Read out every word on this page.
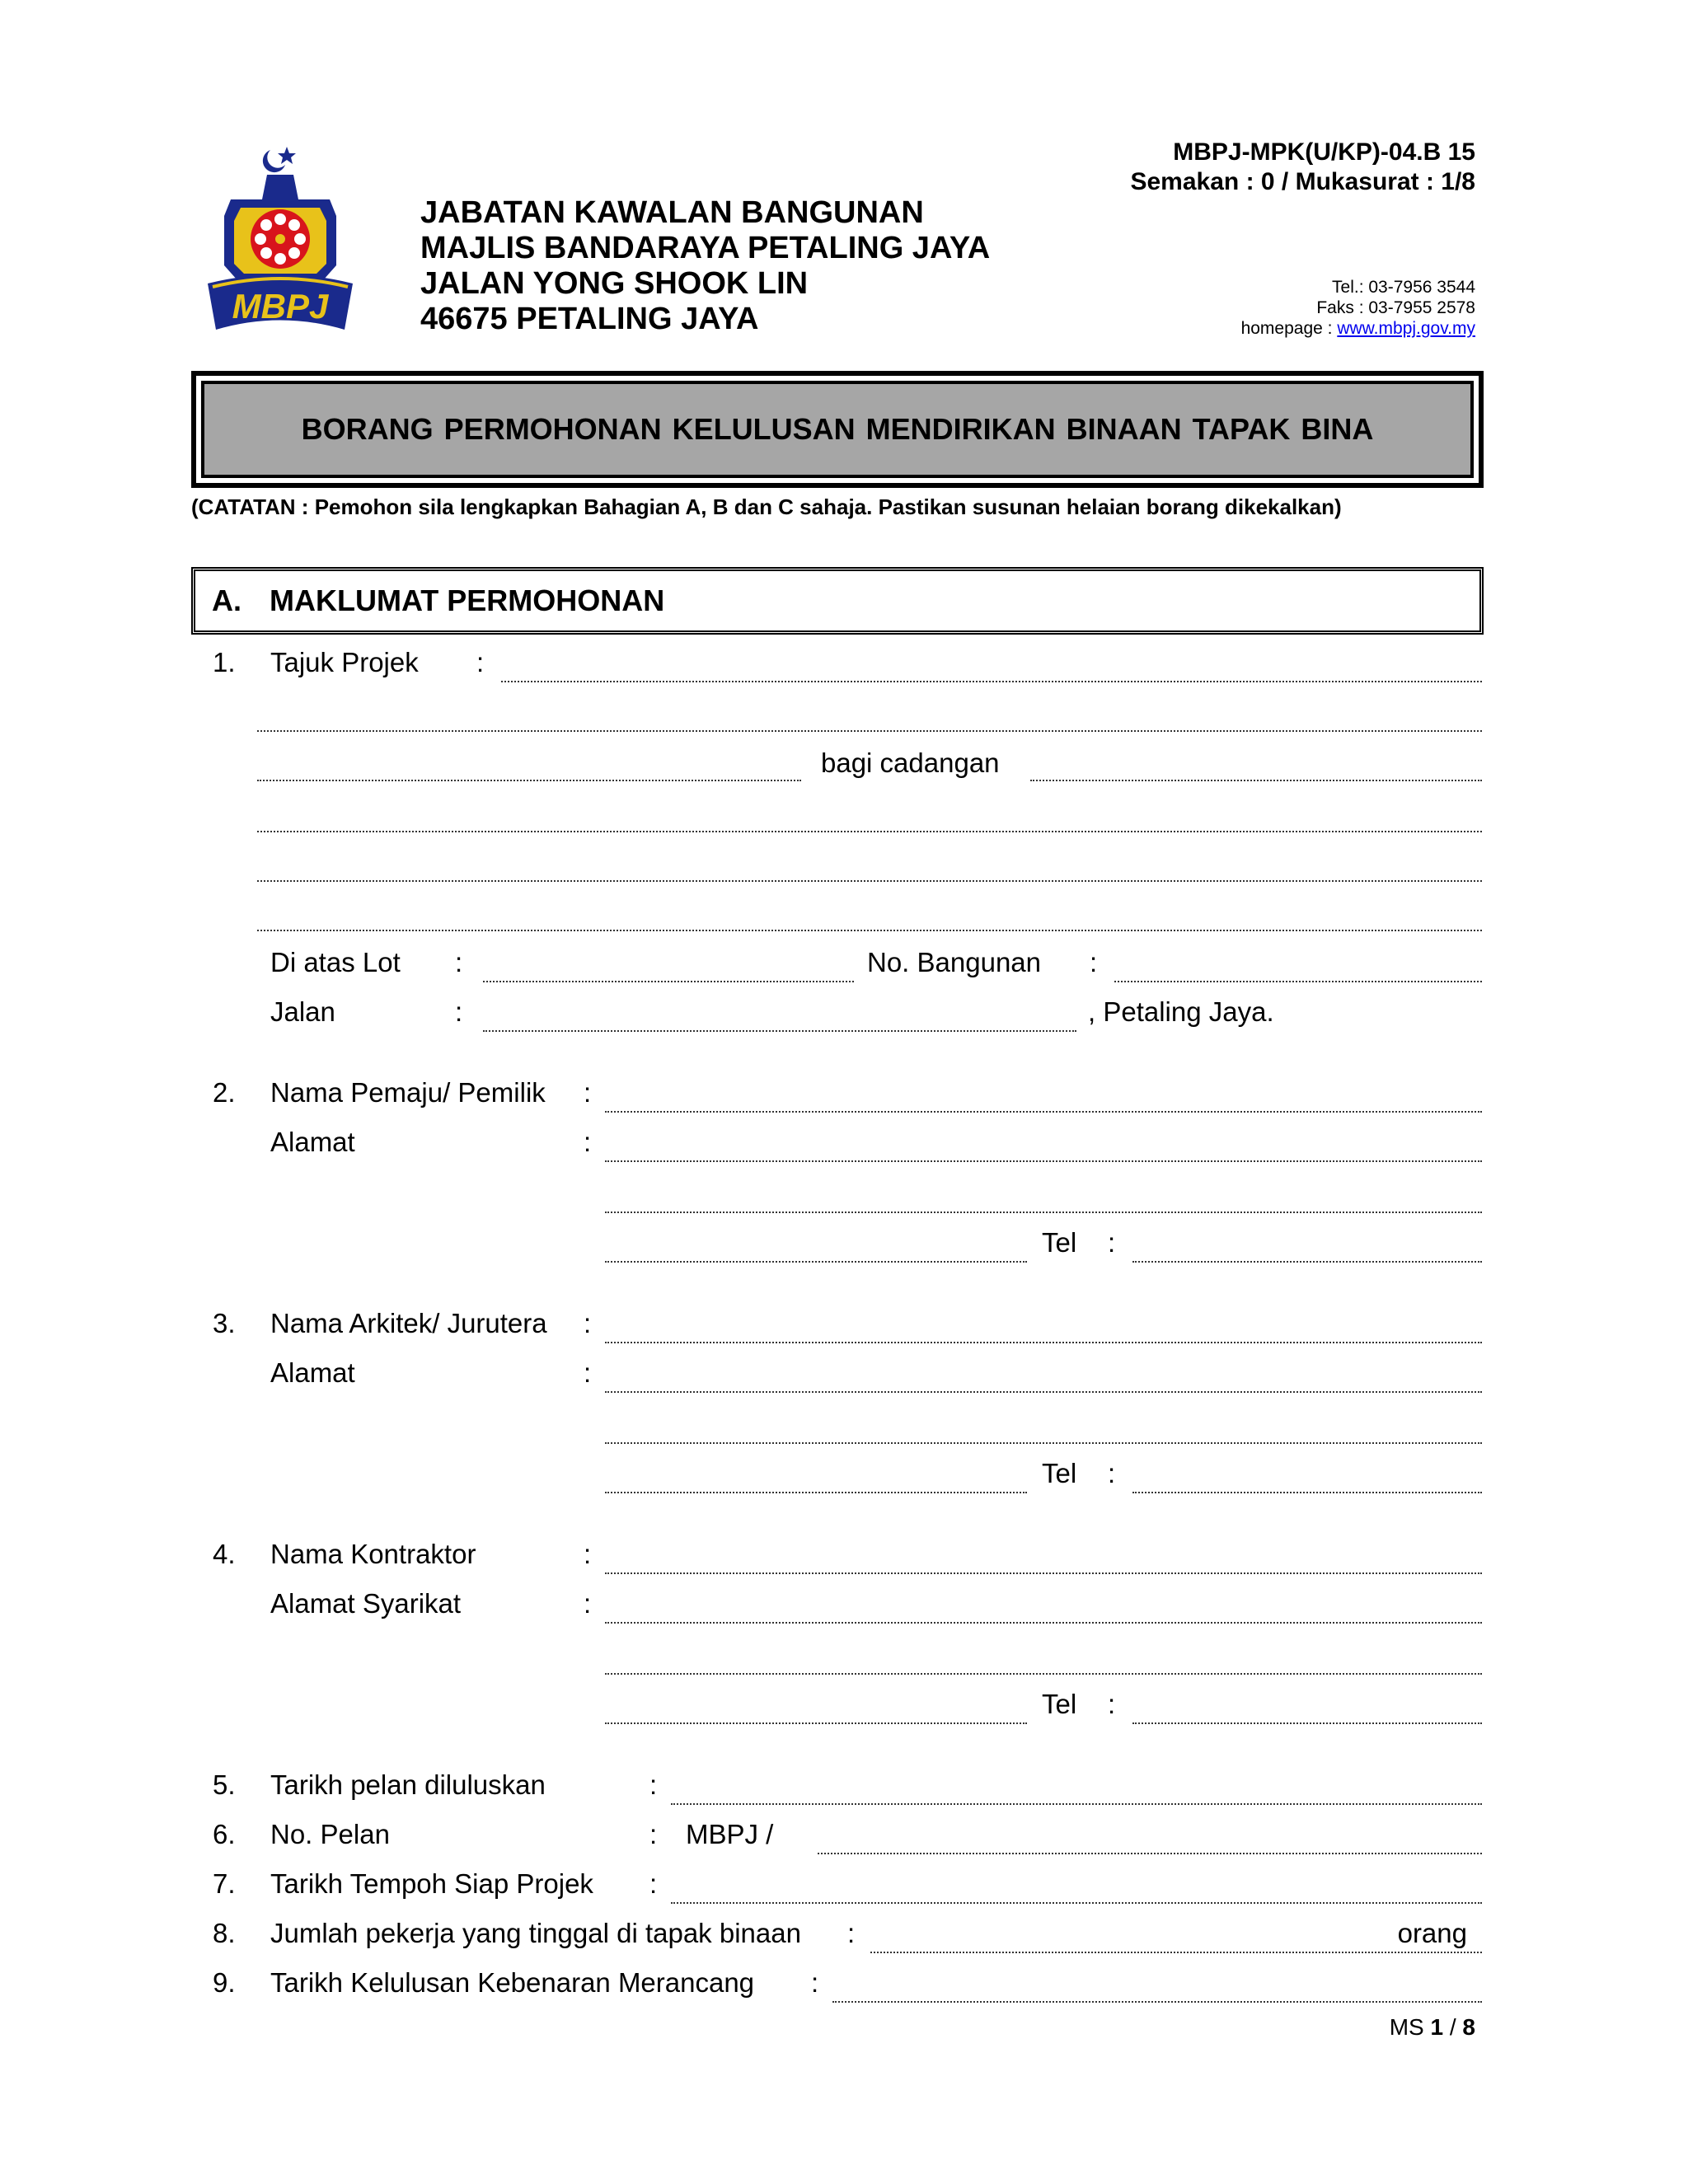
MBPJ
JABATAN KAWALAN BANGUNAN
MAJLIS BANDARAYA PETALING JAYA
JALAN YONG SHOOK LIN
46675 PETALING JAYA
MBPJ-MPK(U/KP)-04.B 15
Semakan : 0 / Mukasurat : 1/8
Tel.: 03-7956 3544
Faks : 03-7955 2578
homepage : www.mbpj.gov.my
BORANG PERMOHONAN KELULUSAN MENDIRIKAN BINAAN TAPAK BINA
(CATATAN : Pemohon sila lengkapkan Bahagian A, B dan C sahaja. Pastikan susunan helaian borang dikekalkan)
A. MAKLUMAT PERMOHONAN
1. Tajuk Projek :
bagi cadangan
Di atas Lot :	No. Bangunan :
Jalan	:	, Petaling Jaya.
2. Nama Pemaju/ Pemilik :
Alamat	:
Tel :
3. Nama Arkitek/ Jurutera :
Alamat	:
Tel :
4. Nama Kontraktor	:
Alamat Syarikat	:
Tel :
5. Tarikh pelan diluluskan	:
6. No. Pelan	: MBPJ /
7. Tarikh Tempoh Siap Projek :
8. Jumlah pekerja yang tinggal di tapak binaan :	orang
9. Tarikh Kelulusan Kebenaran Merancang :
MS 1 / 8
